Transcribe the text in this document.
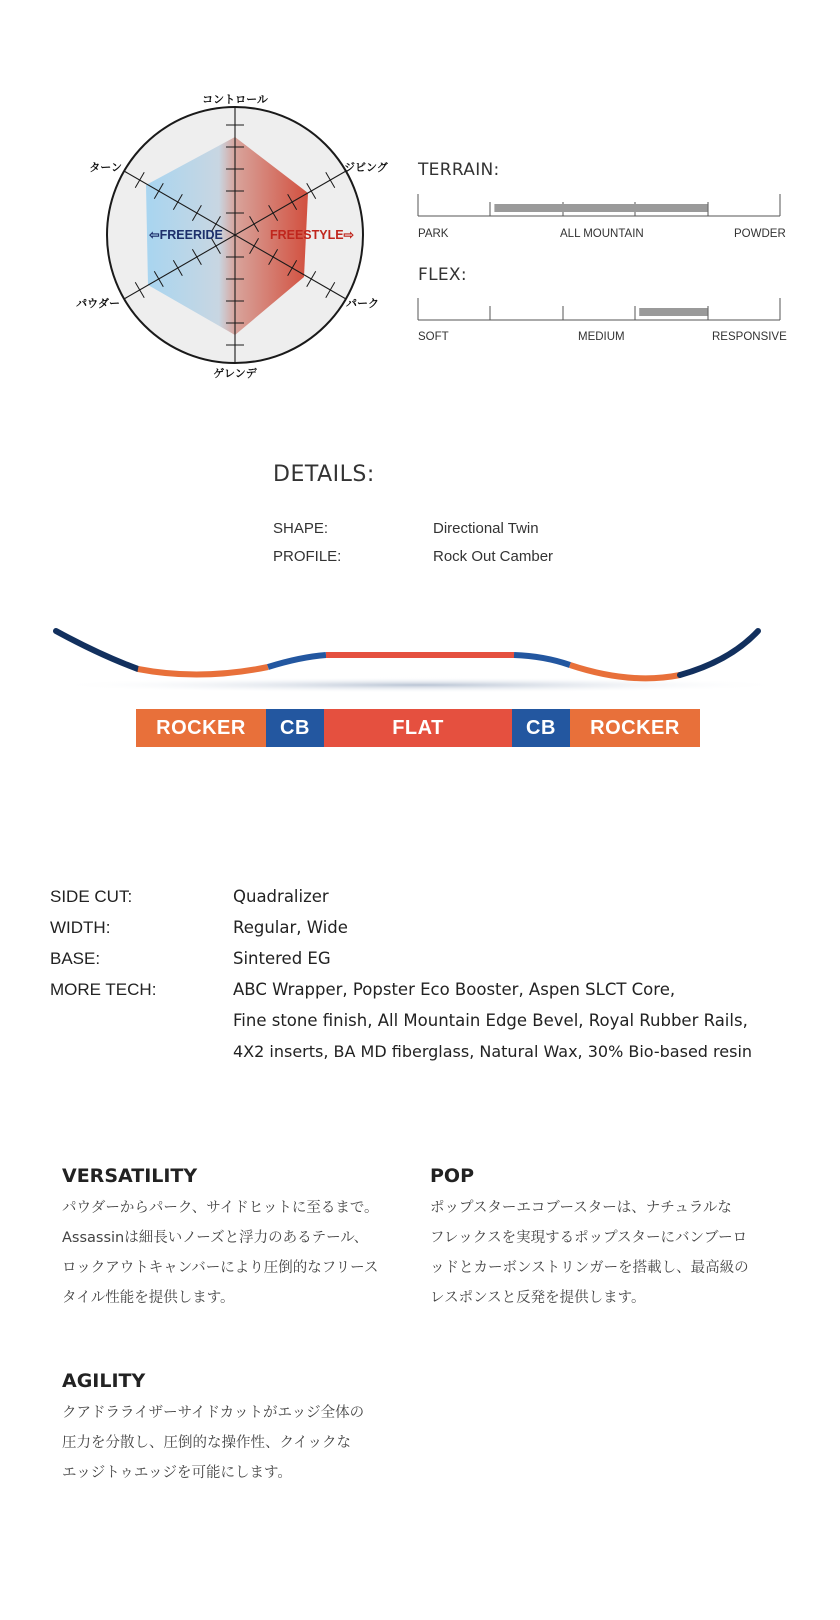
⇦FREERIDE	FREESTYLE⇨
コントロール
ジビング
パーク
ゲレンデ
パウダー
ターン	TERRAIN:
PARK	ALL MOUNTAIN	POWDER
FLEX:
SOFT	MEDIUM	RESPONSIVE
DETAILS:
SHAPE:	Directional Twin
PROFILE:	Rock Out Camber
ROCKER	CB	FLAT	CB	ROCKER
SIDE CUT:	Quadralizer
WIDTH:	Regular, Wide
BASE:	Sintered EG
MORE TECH:	ABC Wrapper, Popster Eco Booster, Aspen SLCT Core,
Fine stone finish, All Mountain Edge Bevel, Royal Rubber Rails,
4X2 inserts, BA MD fiberglass, Natural Wax, 30% Bio-based resin
VERSATILITY
パウダーからパーク、サイドヒットに至るまで。
Assassinは細長いノーズと浮力のあるテール、
ロックアウトキャンバーにより圧倒的なフリース
タイル性能を提供します。
POP
ポップスターエコブースターは、ナチュラルな
フレックスを実現するポップスターにバンブーロ
ッドとカーボンストリンガーを搭載し、最高級の
レスポンスと反発を提供します。
AGILITY
クアドラライザーサイドカットがエッジ全体の
圧力を分散し、圧倒的な操作性、クイックな
エッジトゥエッジを可能にします。
